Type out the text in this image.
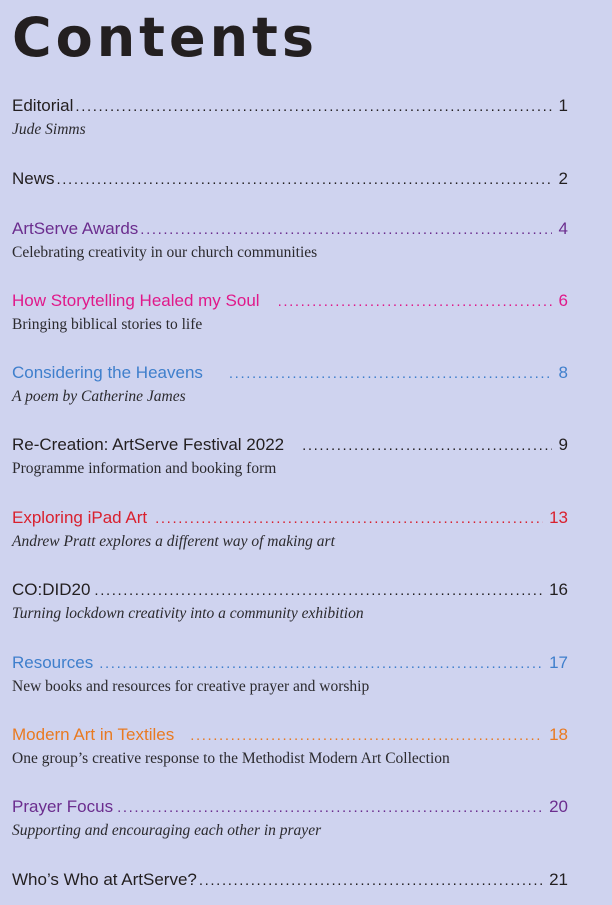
Contents
Editorial .....	1
Jude Simms
News .....	2
ArtServe Awards .....	4
Celebrating creativity in our church communities
How Storytelling Healed my Soul .....	6
Bringing biblical stories to life
Considering the Heavens .....	8
A poem by Catherine James
Re-Creation: ArtServe Festival 2022 .....	9
Programme information and booking form
Exploring iPad Art .....	13
Andrew Pratt explores a different way of making art
CO:DID20 .....	16
Turning lockdown creativity into a community exhibition
Resources .....	17
New books and resources for creative prayer and worship
Modern Art in Textiles .....	18
One group’s creative response to the Methodist Modern Art Collection
Prayer Focus .....	20
Supporting and encouraging each other in prayer
Who’s Who at ArtServe? .....	21
